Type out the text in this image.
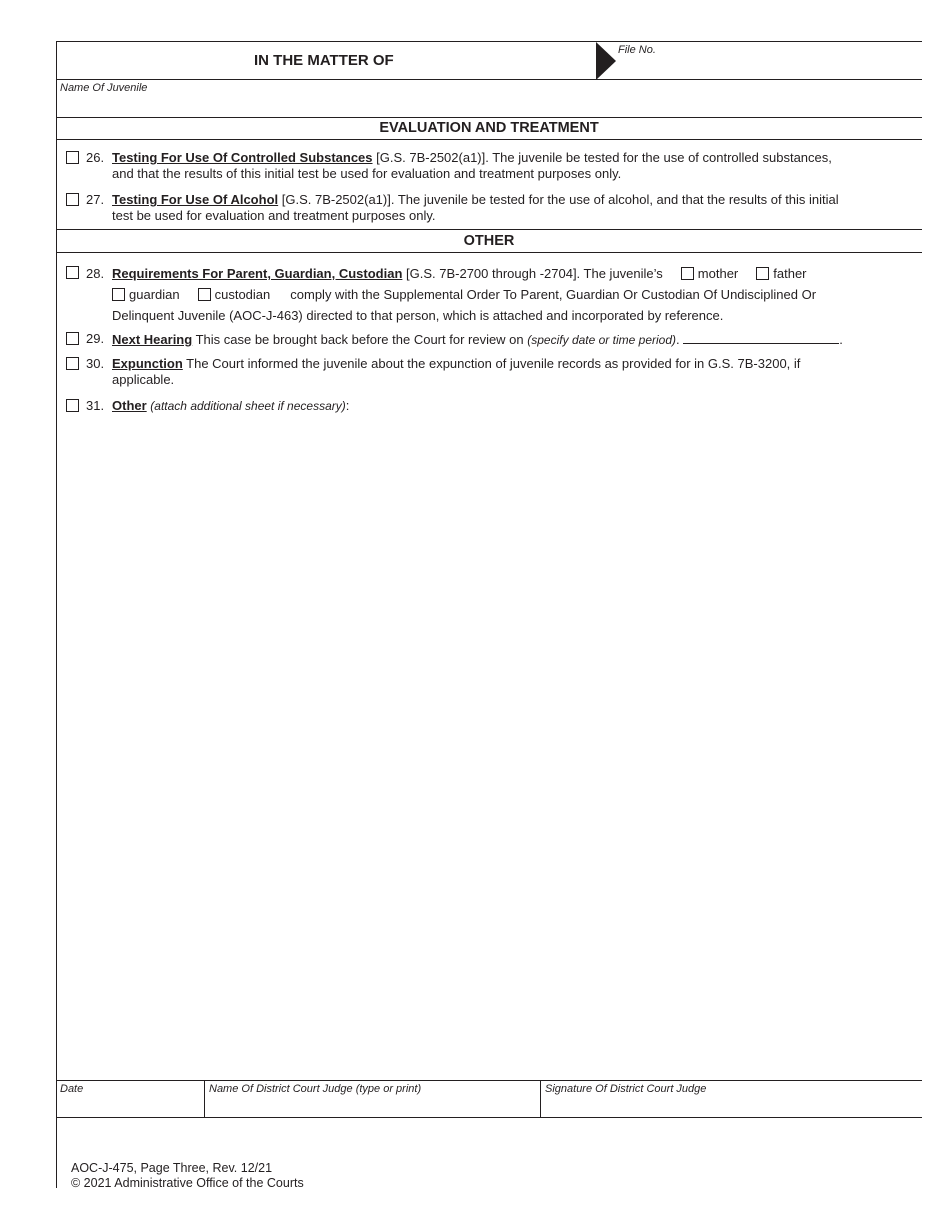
IN THE MATTER OF
File No.
Name Of Juvenile
EVALUATION AND TREATMENT
26. Testing For Use Of Controlled Substances [G.S. 7B-2502(a1)]. The juvenile be tested for the use of controlled substances,
and that the results of this initial test be used for evaluation and treatment purposes only.
27. Testing For Use Of Alcohol [G.S. 7B-2502(a1)]. The juvenile be tested for the use of alcohol, and that the results of this initial
test be used for evaluation and treatment purposes only.
OTHER
28. Requirements For Parent, Guardian, Custodian [G.S. 7B-2700 through -2704]. The juvenile’s	mother	father
guardian	custodian comply with the Supplemental Order To Parent, Guardian Or Custodian Of Undisciplined Or
Delinquent Juvenile (AOC-J-463) directed to that person, which is attached and incorporated by reference.
29. Next Hearing This case be brought back before the Court for review on (specify date or time period).	.
30. Expunction The Court informed the juvenile about the expunction of juvenile records as provided for in G.S. 7B-3200, if
applicable.
31. Other (attach additional sheet if necessary):
Date	Name Of District Court Judge (type or print)	Signature Of District Court Judge
AOC-J-475, Page Three, Rev. 12/21
© 2021 Administrative Office of the Courts
